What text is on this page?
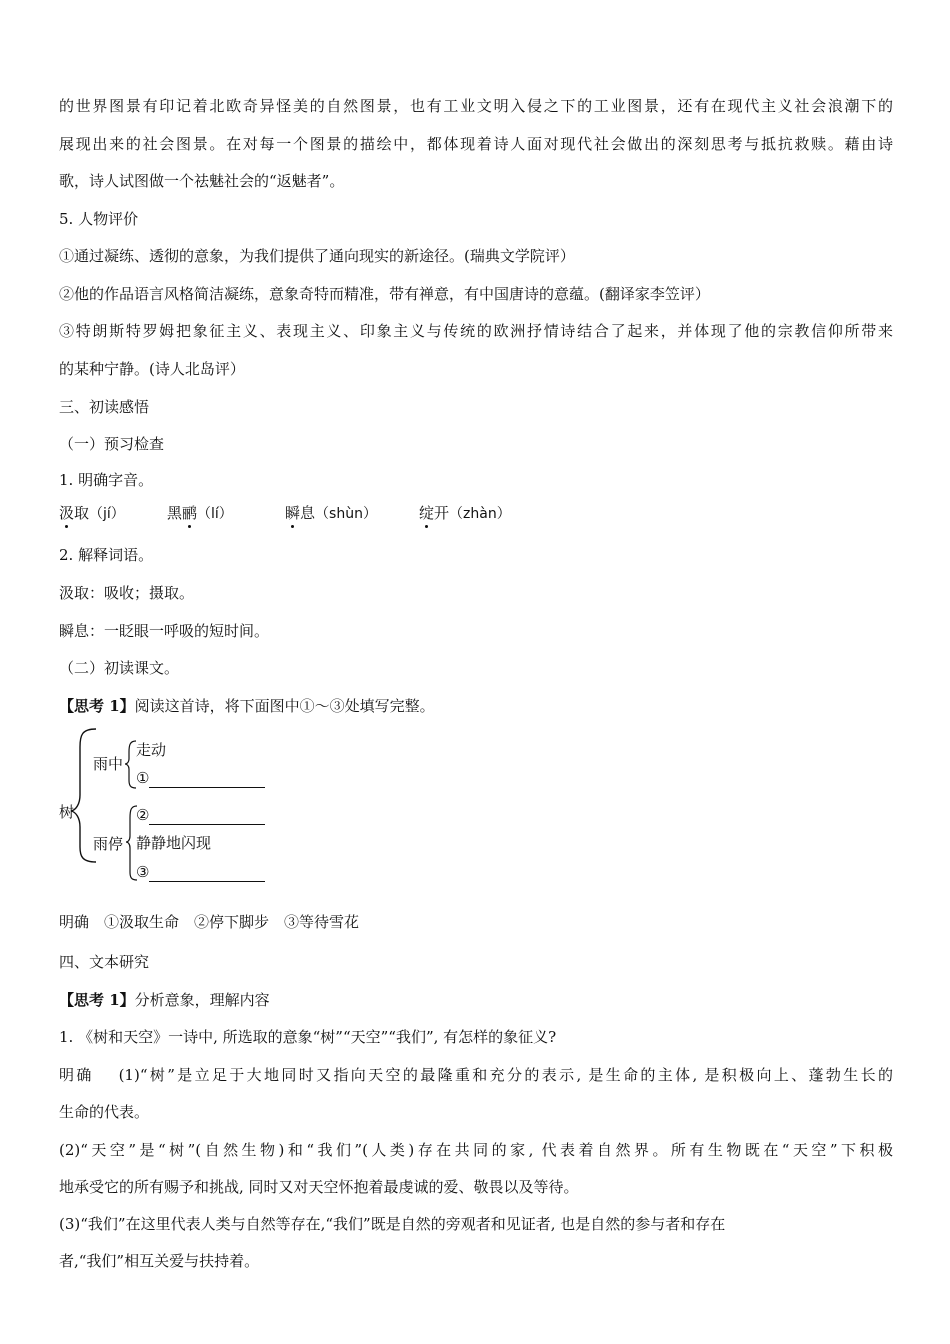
的世界图景有印记着北欧奇异怪美的自然图景，也有工业文明入侵之下的工业图景，还有在现代主义社会浪潮下的
展现出来的社会图景。在对每一个图景的描绘中，都体现着诗人面对现代社会做出的深刻思考与抵抗救赎。藉由诗
歌，诗人试图做一个祛魅社会的“返魅者”。
5. 人物评价
①通过凝练、透彻的意象，为我们提供了通向现实的新途径。(瑞典文学院评）
②他的作品语言风格简洁凝练，意象奇特而精准，带有禅意，有中国唐诗的意蕴。(翻译家李笠评）
③特朗斯特罗姆把象征主义、表现主义、印象主义与传统的欧洲抒情诗结合了起来，并体现了他的宗教信仰所带来
的某种宁静。(诗人北岛评）
三、初读感悟
（一）预习检查
1. 明确字音。
汲取（jí）	黑鹂（lí）	瞬息（shùn）	绽开（zhàn）
2. 解释词语。
汲取：吸收；摄取。
瞬息：一眨眼一呼吸的短时间。
（二）初读课文。
【思考 1】阅读这首诗，将下面图中①～③处填写完整。
树
雨中
走动
①
雨停
②
静静地闪现
③
明确　 ①汲取生命　②停下脚步　③等待雪花
四、文本研究
【思考 1】分析意象，理解内容
1. 《树和天空》一诗中, 所选取的意象“树”“天空”“我们”, 有怎样的象征义?
明确　  (1)“树”是立足于大地同时又指向天空的最隆重和充分的表示, 是生命的主体, 是积极向上、蓬勃生长的
生命的代表。
(2)“天空”是“树”(自然生物)和“我们”(人类)存在共同的家, 代表着自然界。所有生物既在“天空”下积极
地承受它的所有赐予和挑战, 同时又对天空怀抱着最虔诚的爱、敬畏以及等待。
(3)“我们”在这里代表人类与自然等存在,“我们”既是自然的旁观者和见证者, 也是自然的参与者和存在
者,“我们”相互关爱与扶持着。
